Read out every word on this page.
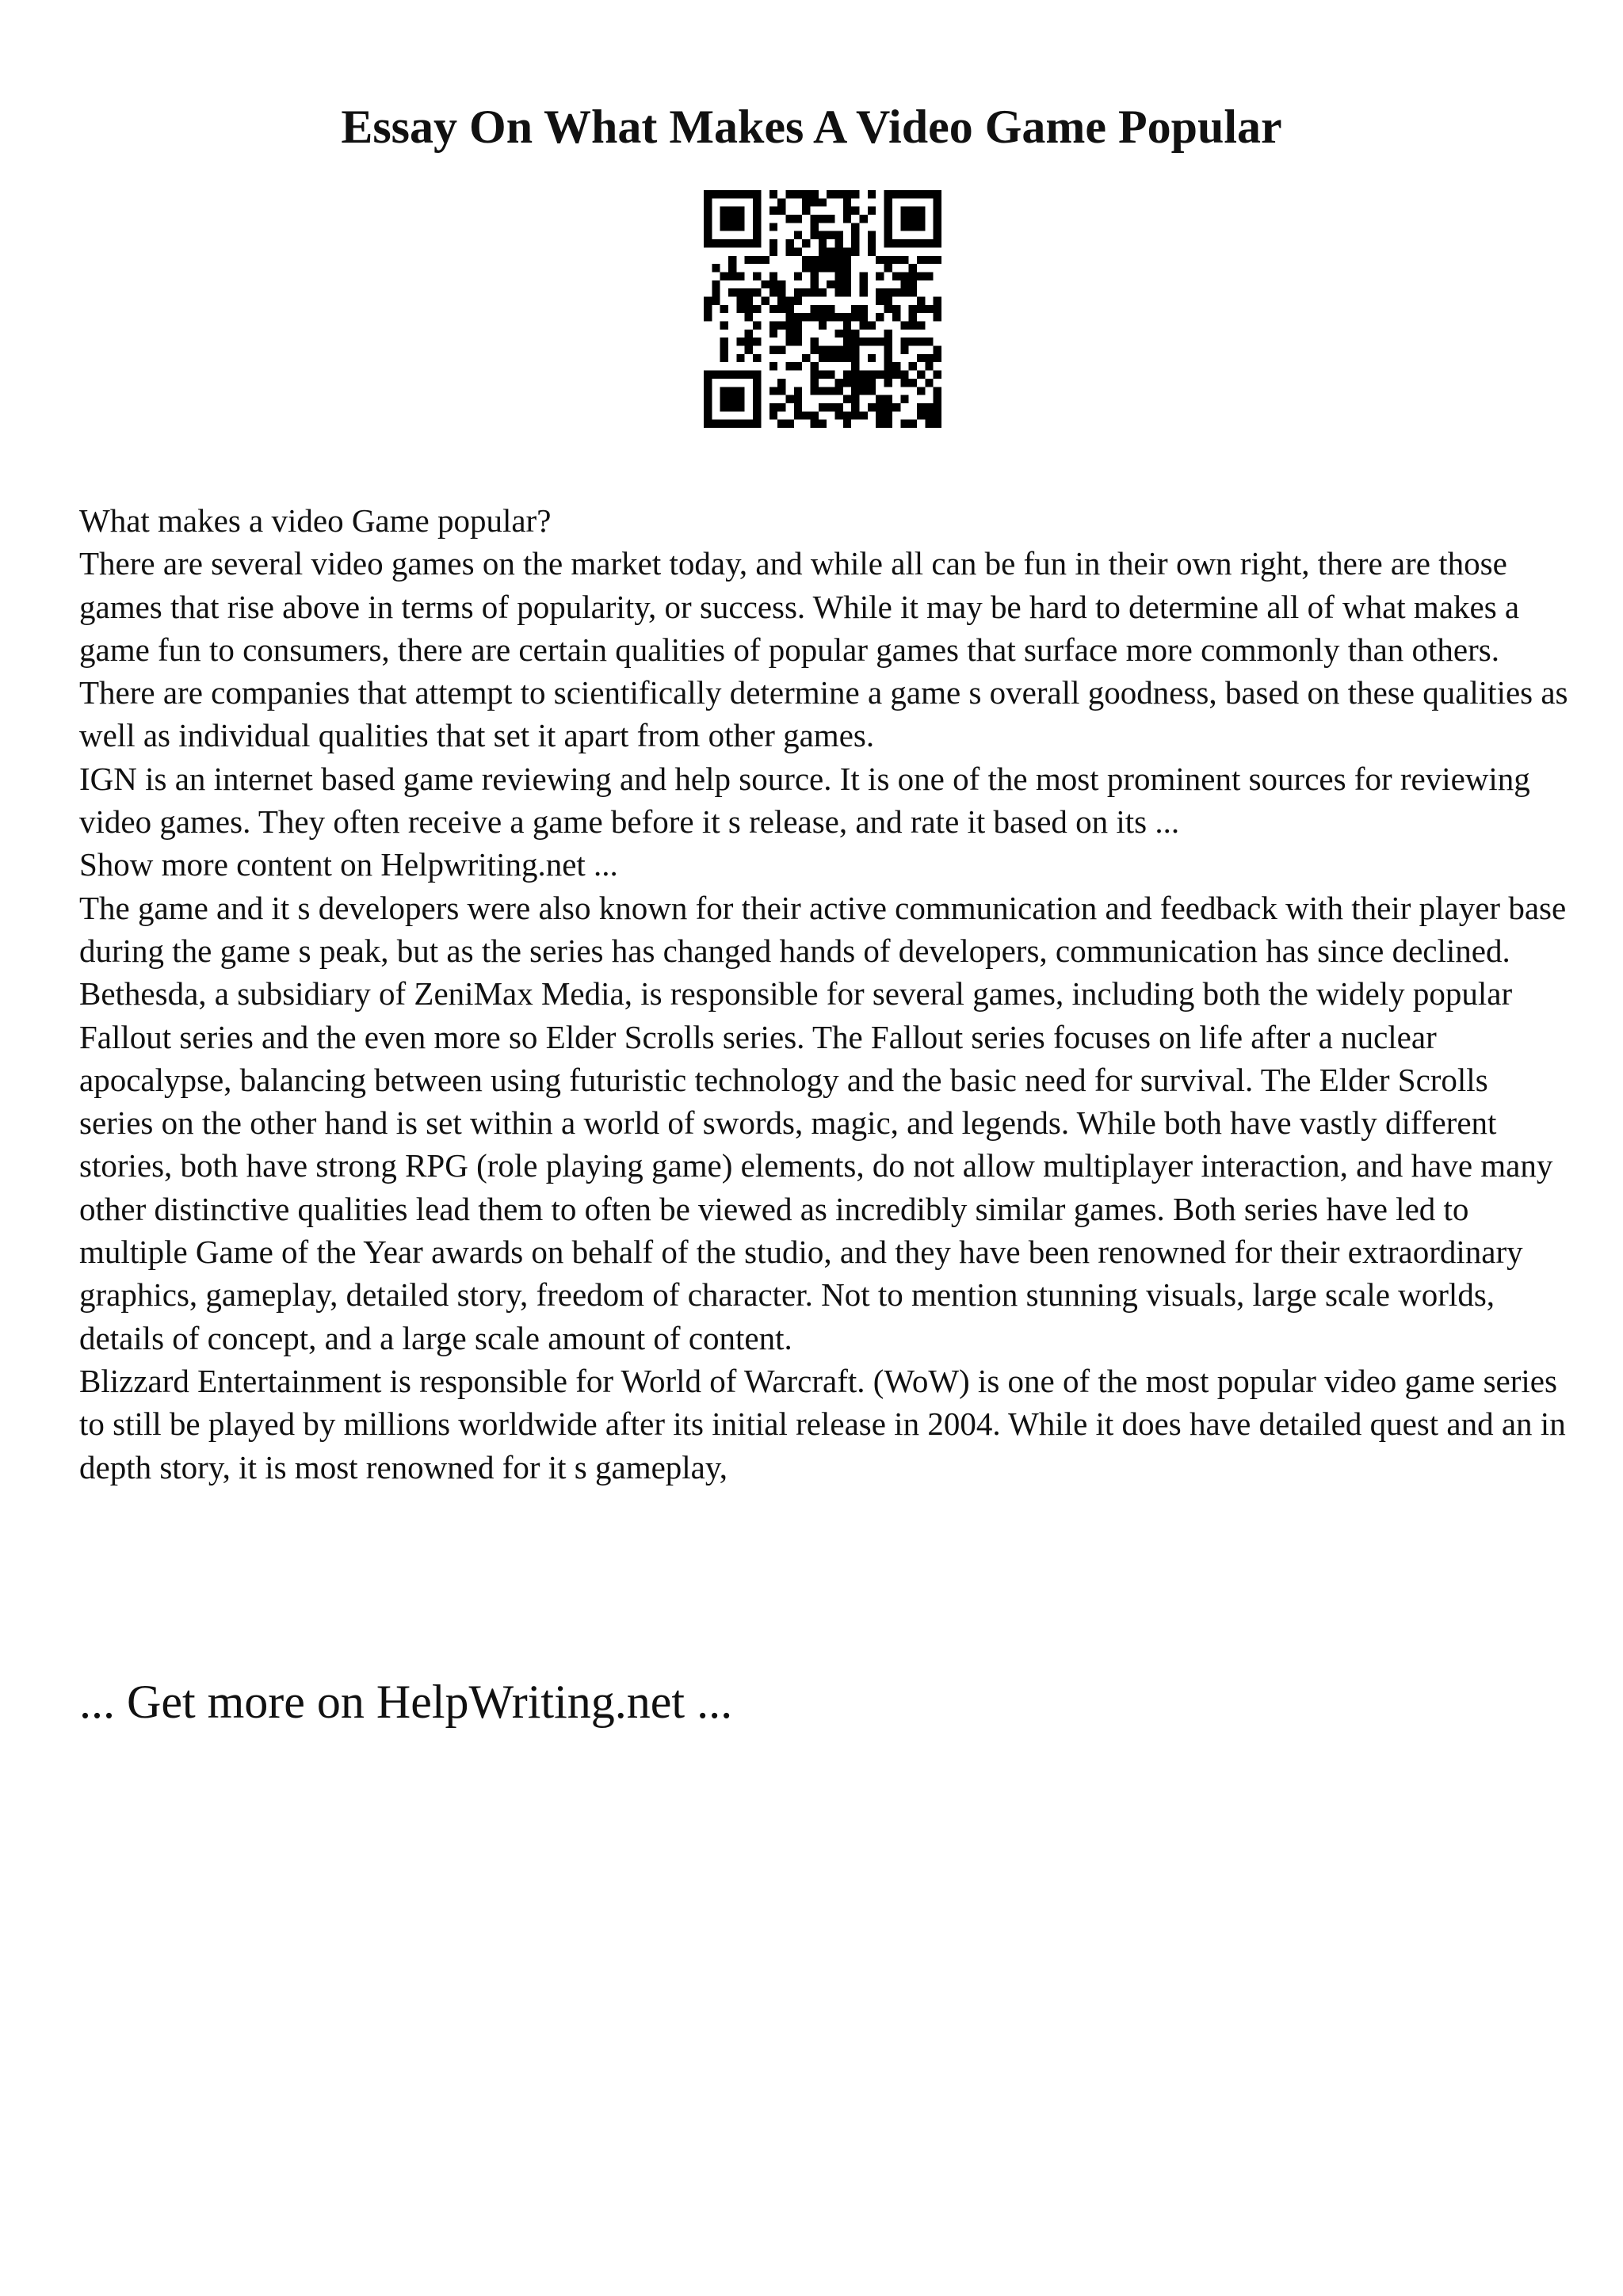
Essay On What Makes A Video Game Popular

What makes a video Game popular?

There are several video games on the market today, and while all can be fun in their own right, there are those games that rise above in terms of popularity, or success. While it may be hard to determine all of what makes a game fun to consumers, there are certain qualities of popular games that surface more commonly than others. There are companies that attempt to scientifically determine a game s overall goodness, based on these qualities as well as individual qualities that set it apart from other games.

IGN is an internet based game reviewing and help source. It is one of the most prominent sources for reviewing video games. They often receive a game before it s release, and rate it based on its ...

Show more content on Helpwriting.net ...

The game and it s developers were also known for their active communication and feedback with their player base during the game s peak, but as the series has changed hands of developers, communication has since declined.

Bethesda, a subsidiary of ZeniMax Media, is responsible for several games, including both the widely popular Fallout series and the even more so Elder Scrolls series. The Fallout series focuses on life after a nuclear apocalypse, balancing between using futuristic technology and the basic need for survival. The Elder Scrolls series on the other hand is set within a world of swords, magic, and legends. While both have vastly different stories, both have strong RPG (role playing game) elements, do not allow multiplayer interaction, and have many other distinctive qualities lead them to often be viewed as incredibly similar games. Both series have led to multiple Game of the Year awards on behalf of the studio, and they have been renowned for their extraordinary graphics, gameplay, detailed story, freedom of character. Not to mention stunning visuals, large scale worlds, details of concept, and a large scale amount of content.

Blizzard Entertainment is responsible for World of Warcraft. (WoW) is one of the most popular video game series to still be played by millions worldwide after its initial release in 2004. While it does have detailed quest and an in depth story, it is most renowned for it s gameplay,

... Get more on HelpWriting.net ...
